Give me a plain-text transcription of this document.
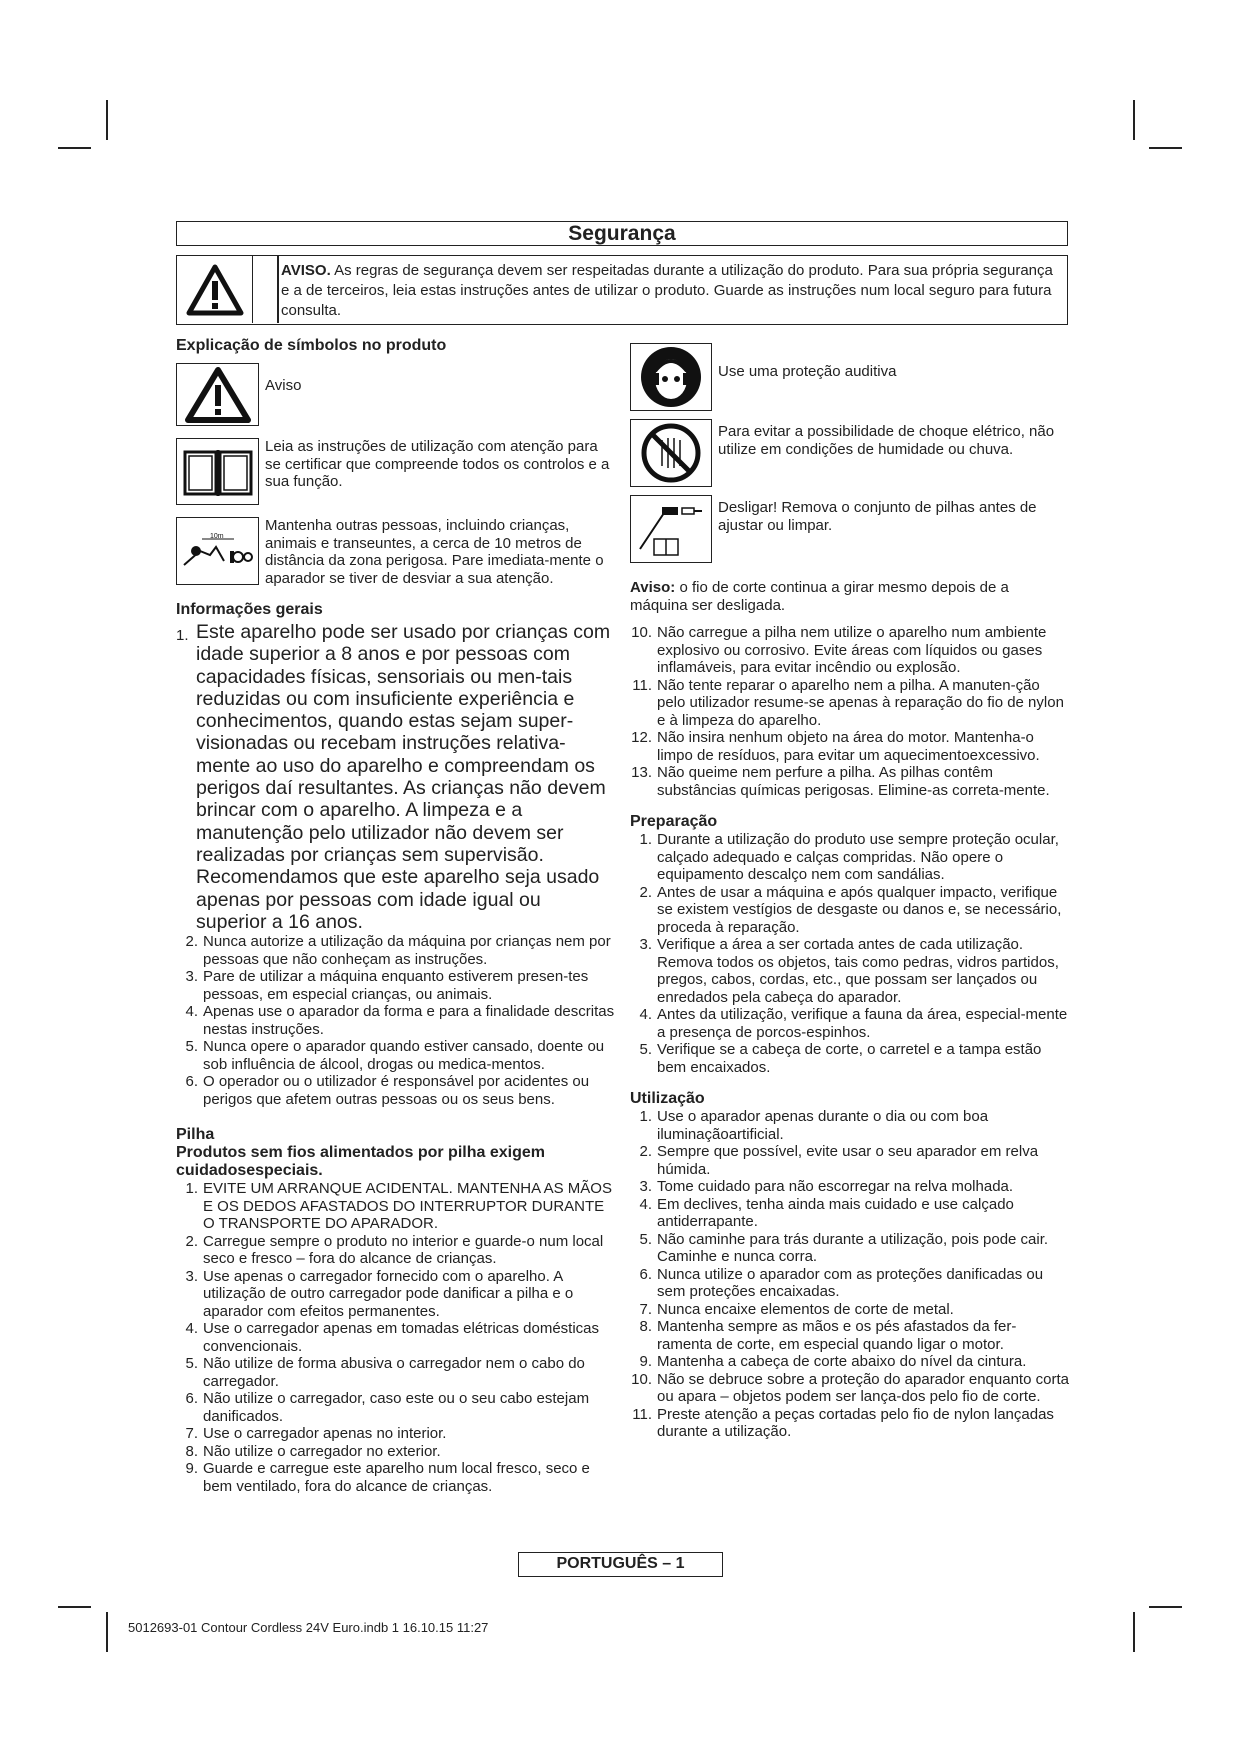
Segurança
AVISO. As regras de segurança devem ser respeitadas durante a utilização do produto. Para sua própria segurança e a de terceiros, leia estas instruções antes de utilizar o produto. Guarde as instruções num local seguro para futura consulta.
Explicação de símbolos no produto
Aviso
Leia as instruções de utilização com atenção para se certificar que compreende todos os controlos e a sua função.
10m
Mantenha outras pessoas, incluindo crianças, animais e transeuntes, a cerca de 10 metros de distância da zona perigosa. Pare imediata-mente o aparador se tiver de desviar a sua atenção.
Informações gerais
1. Este aparelho pode ser usado por crianças com idade superior a 8 anos e por pessoas com capacidades físicas, sensoriais ou men-tais reduzidas ou com insuficiente experiência e conhecimentos, quando estas sejam super-visionadas ou recebam instruções relativa-mente ao uso do aparelho e compreendam os perigos daí resultantes. As crianças não devem brincar com o aparelho. A limpeza e a manutenção pelo utilizador não devem ser realizadas por crianças sem supervisão. Recomendamos que este aparelho seja usado apenas por pessoas com idade igual ou superior a 16 anos.
2. Nunca autorize a utilização da máquina por crianças nem por pessoas que não conheçam as instruções.
3. Pare de utilizar a máquina enquanto estiverem presen-tes pessoas, em especial crianças, ou animais.
4. Apenas use o aparador da forma e para a finalidade descritas nestas instruções.
5. Nunca opere o aparador quando estiver cansado, doente ou sob influência de álcool, drogas ou medica-mentos.
6. O operador ou o utilizador é responsável por acidentes ou perigos que afetem outras pessoas ou os seus bens.
Pilha
Produtos sem fios alimentados por pilha exigem cuidadosespeciais.
1. EVITE UM ARRANQUE ACIDENTAL. MANTENHA AS MÃOS E OS DEDOS AFASTADOS DO INTERRUPTOR DURANTE O TRANSPORTE DO APARADOR.
2. Carregue sempre o produto no interior e guarde-o num local seco e fresco – fora do alcance de crianças.
3. Use apenas o carregador fornecido com o aparelho. A utilização de outro carregador pode danificar a pilha e o aparador com efeitos permanentes.
4. Use o carregador apenas em tomadas elétricas domésticas convencionais.
5. Não utilize de forma abusiva o carregador nem o cabo do carregador.
6. Não utilize o carregador, caso este ou o seu cabo estejam danificados.
7. Use o carregador apenas no interior.
8. Não utilize o carregador no exterior.
9. Guarde e carregue este aparelho num local fresco, seco e bem ventilado, fora do alcance de crianças.
Use uma proteção auditiva
Para evitar a possibilidade de choque elétrico, não utilize em condições de humidade ou chuva.
Desligar! Remova o conjunto de pilhas antes de ajustar ou limpar.
Aviso: o fio de corte continua a girar mesmo depois de a máquina ser desligada.
10. Não carregue a pilha nem utilize o aparelho num ambiente explosivo ou corrosivo. Evite áreas com líquidos ou gases inflamáveis, para evitar incêndio ou explosão.
11. Não tente reparar o aparelho nem a pilha. A manuten-ção pelo utilizador resume-se apenas à reparação do fio de nylon e à limpeza do aparelho.
12. Não insira nenhum objeto na área do motor. Mantenha-o limpo de resíduos, para evitar um aquecimentoexcessivo.
13. Não queime nem perfure a pilha. As pilhas contêm substâncias químicas perigosas. Elimine-as correta-mente.
Preparação
1. Durante a utilização do produto use sempre proteção ocular, calçado adequado e calças compridas. Não opere o equipamento descalço nem com sandálias.
2. Antes de usar a máquina e após qualquer impacto, verifique se existem vestígios de desgaste ou danos e, se necessário, proceda à reparação.
3. Verifique a área a ser cortada antes de cada utilização. Remova todos os objetos, tais como pedras, vidros partidos, pregos, cabos, cordas, etc., que possam ser lançados ou enredados pela cabeça do aparador.
4. Antes da utilização, verifique a fauna da área, especial-mente a presença de porcos-espinhos.
5. Verifique se a cabeça de corte, o carretel e a tampa estão bem encaixados.
Utilização
1. Use o aparador apenas durante o dia ou com boa iluminaçãoartificial.
2. Sempre que possível, evite usar o seu aparador em relva húmida.
3. Tome cuidado para não escorregar na relva molhada.
4. Em declives, tenha ainda mais cuidado e use calçado antiderrapante.
5. Não caminhe para trás durante a utilização, pois pode cair. Caminhe e nunca corra.
6. Nunca utilize o aparador com as proteções danificadas ou sem proteções encaixadas.
7. Nunca encaixe elementos de corte de metal.
8. Mantenha sempre as mãos e os pés afastados da fer-ramenta de corte, em especial quando ligar o motor.
9. Mantenha a cabeça de corte abaixo do nível da cintura.
10. Não se debruce sobre a proteção do aparador enquanto corta ou apara – objetos podem ser lança-dos pelo fio de corte.
11. Preste atenção a peças cortadas pelo fio de nylon lançadas durante a utilização.
PORTUGUÊS – 1
5012693-01 Contour Cordless 24V Euro.indb 1 16.10.15 11:27
